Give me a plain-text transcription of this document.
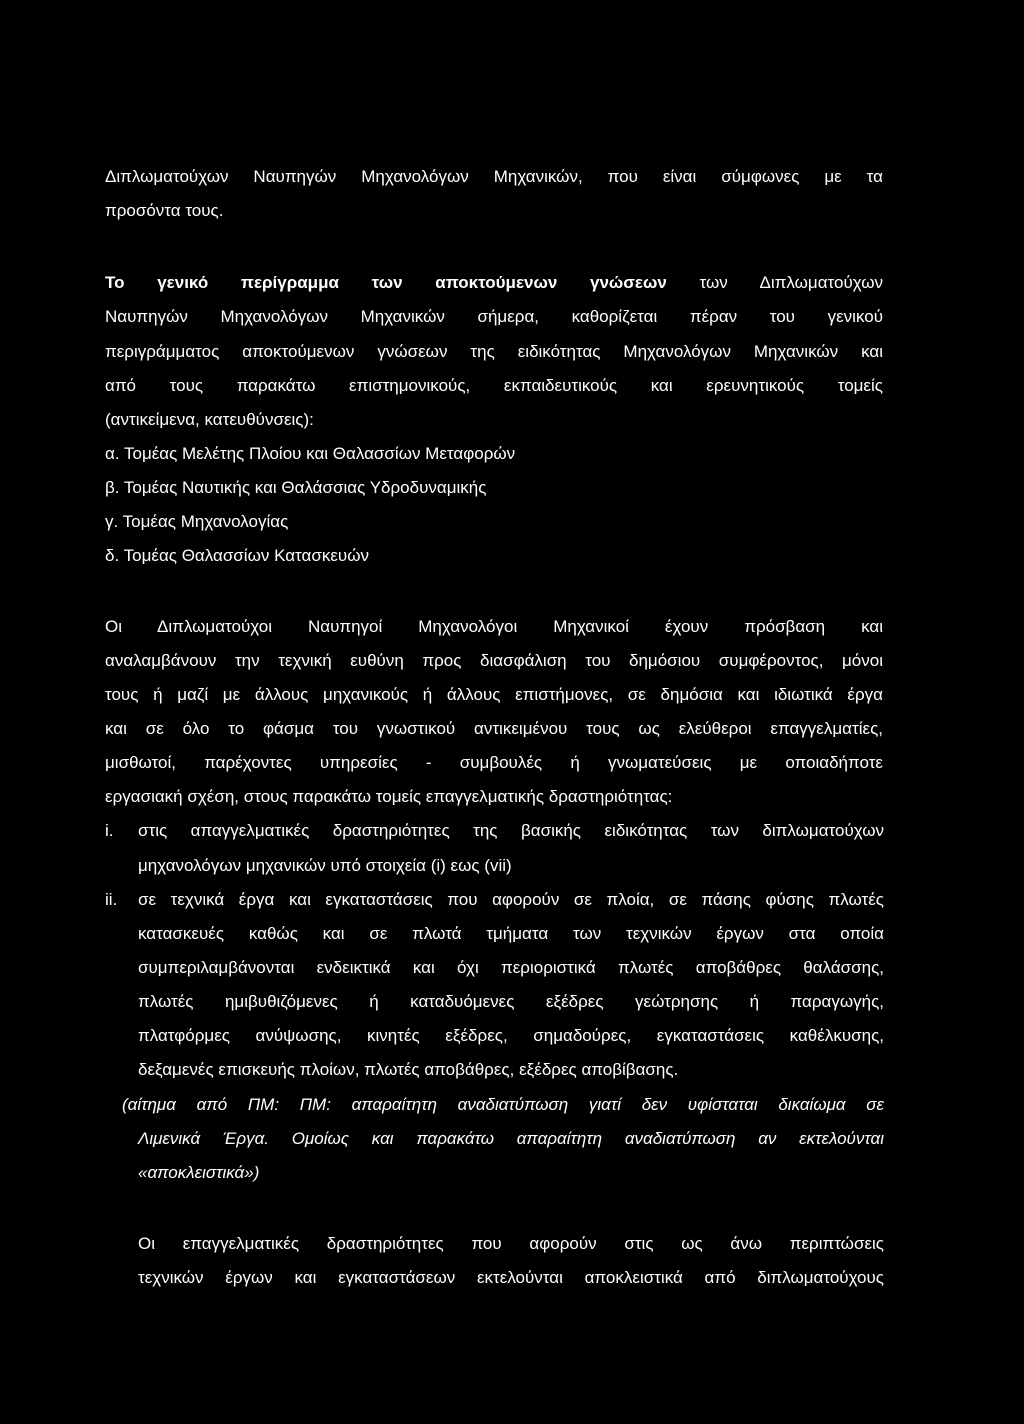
Διπλωματούχων Ναυπηγών Μηχανολόγων Μηχανικών, που είναι σύμφωνες με τα
προσόντα τους.
Το γενικό περίγραμμα των αποκτούμενων γνώσεων των Διπλωματούχων
Ναυπηγών Μηχανολόγων Μηχανικών σήμερα, καθορίζεται πέραν του γενικού
περιγράμματος αποκτούμενων γνώσεων της ειδικότητας Μηχανολόγων Μηχανικών και
από τους παρακάτω επιστημονικούς, εκπαιδευτικούς και ερευνητικούς τομείς
(αντικείμενα, κατευθύνσεις):
α. Τομέας Μελέτης Πλοίου και Θαλασσίων Μεταφορών
β. Τομέας Ναυτικής και Θαλάσσιας Υδροδυναμικής
γ. Τομέας Μηχανολογίας
δ. Τομέας Θαλασσίων Κατασκευών
Οι Διπλωματούχοι Ναυπηγοί Μηχανολόγοι Μηχανικοί έχουν πρόσβαση και
αναλαμβάνουν την τεχνική ευθύνη προς διασφάλιση του δημόσιου συμφέροντος, μόνοι
τους ή μαζί με άλλους μηχανικούς ή άλλους επιστήμονες, σε δημόσια και ιδιωτικά έργα
και σε όλο το φάσμα του γνωστικού αντικειμένου τους ως ελεύθεροι επαγγελματίες,
μισθωτοί, παρέχοντες υπηρεσίες - συμβουλές ή γνωματεύσεις με οποιαδήποτε
εργασιακή σχέση, στους παρακάτω τομείς επαγγελματικής δραστηριότητας:
i. στις απαγγελματικές δραστηριότητες της βασικής ειδικότητας των διπλωματούχων
μηχανολόγων μηχανικών υπό στοιχεία (i) εως (vii)
ii. σε τεχνικά έργα και εγκαταστάσεις που αφορούν σε πλοία, σε πάσης φύσης πλωτές
κατασκευές καθώς και σε πλωτά τμήματα των τεχνικών έργων στα οποία
συμπεριλαμβάνονται ενδεικτικά και όχι περιοριστικά πλωτές αποβάθρες θαλάσσης,
πλωτές ημιβυθιζόμενες ή καταδυόμενες εξέδρες γεώτρησης ή παραγωγής,
πλατφόρμες ανύψωσης, κινητές εξέδρες, σημαδούρες, εγκαταστάσεις καθέλκυσης,
δεξαμενές επισκευής πλοίων, πλωτές αποβάθρες, εξέδρες αποβίβασης.
(αίτημα από ΠΜ: ΠΜ: απαραίτητη αναδιατύπωση γιατί δεν υφίσταται δικαίωμα σε
Λιμενικά Έργα. Ομοίως και παρακάτω απαραίτητη αναδιατύπωση αν εκτελούνται
«αποκλειστικά»)
Οι επαγγελματικές δραστηριότητες που αφορούν στις ως άνω περιπτώσεις
τεχνικών έργων και εγκαταστάσεων εκτελούνται αποκλειστικά από διπλωματούχους
